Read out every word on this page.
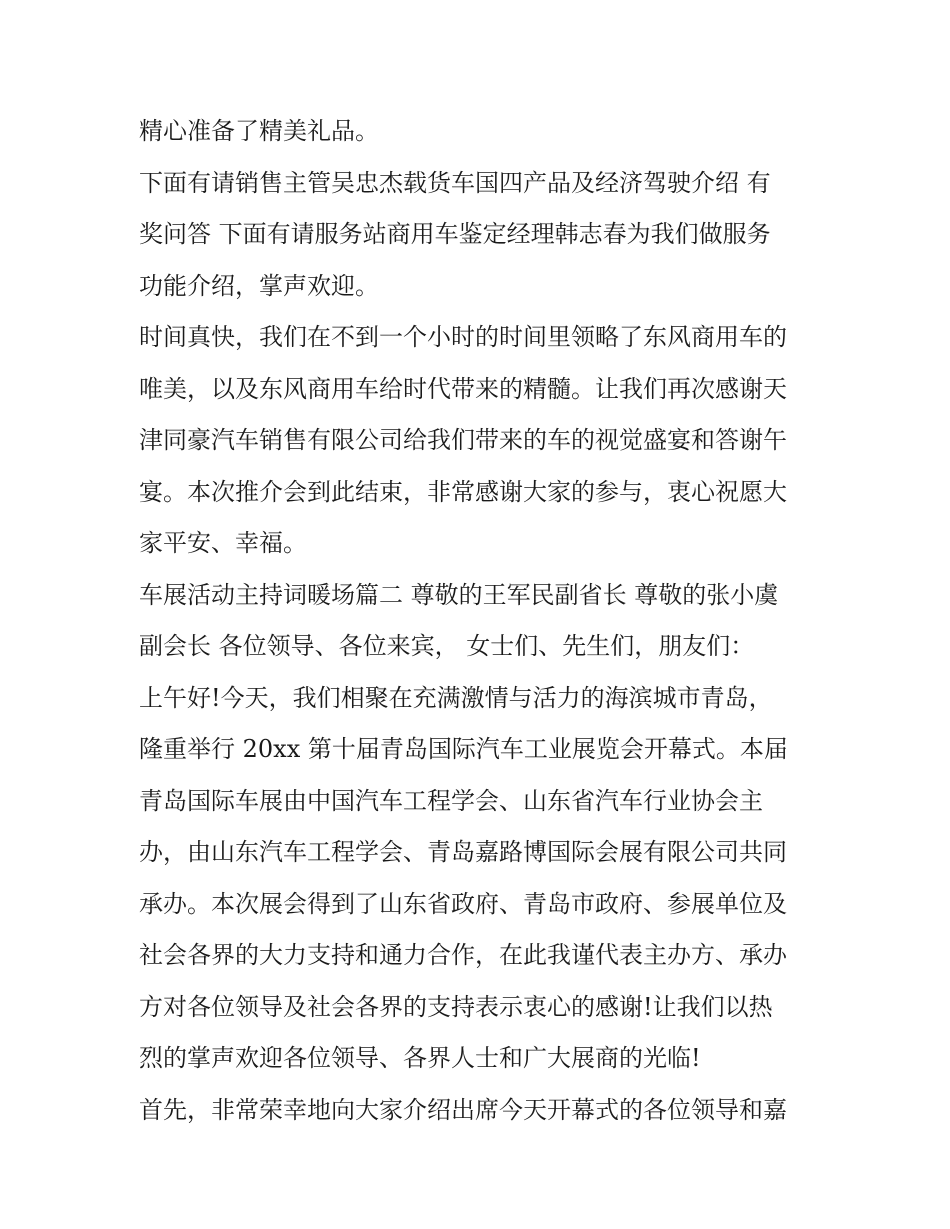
精心准备了精美礼品。
下面有请销售主管吴忠杰载货车国四产品及经济驾驶介绍 有
奖问答 下面有请服务站商用车鉴定经理韩志春为我们做服务
功能介绍，掌声欢迎。
时间真快，我们在不到一个小时的时间里领略了东风商用车的
唯美，以及东风商用车给时代带来的精髓。让我们再次感谢天
津同豪汽车销售有限公司给我们带来的车的视觉盛宴和答谢午
宴。本次推介会到此结束，非常感谢大家的参与，衷心祝愿大
家平安、幸福。
车展活动主持词暖场篇二 尊敬的王军民副省长 尊敬的张小虞
副会长 各位领导、各位来宾， 女士们、先生们，朋友们：
上午好!今天，我们相聚在充满激情与活力的海滨城市青岛，
隆重举行 20xx 第十届青岛国际汽车工业展览会开幕式。本届
青岛国际车展由中国汽车工程学会、山东省汽车行业协会主
办，由山东汽车工程学会、青岛嘉路博国际会展有限公司共同
承办。本次展会得到了山东省政府、青岛市政府、参展单位及
社会各界的大力支持和通力合作，在此我谨代表主办方、承办
方对各位领导及社会各界的支持表示衷心的感谢!让我们以热
烈的掌声欢迎各位领导、各界人士和广大展商的光临!
首先，非常荣幸地向大家介绍出席今天开幕式的各位领导和嘉
